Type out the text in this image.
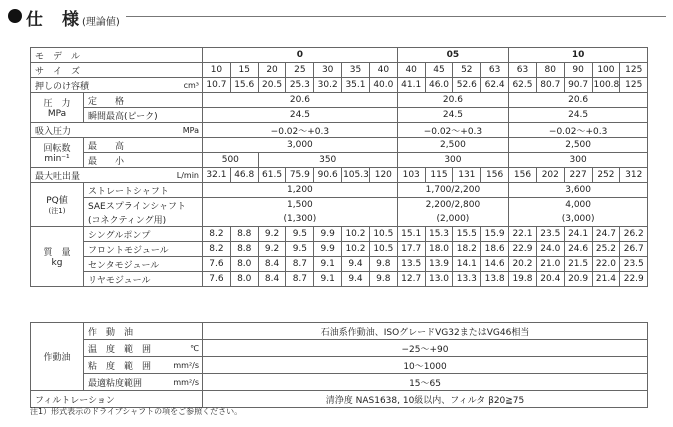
仕　様 (理論値)
モ　デ　ル			0							05				10				
サ　イ　ズ			10	15	20	25	30	35	40	40	45	52	63	63	80	90	100	125
押しのけ容積		cm³	10.7	15.6	20.5	25.3	30.2	35.1	40.0	41.1	46.0	52.6	62.4	62.5	80.7	90.7	100.8	125

圧　力
MPa	定　　格		20.6							20.6				20.6				
	瞬間最高(ピーク)		24.5							24.5				24.5				
吸入圧力		MPa	−0.02〜+0.3							−0.02〜+0.3				−0.02〜+0.3				

回転数
min⁻¹	最　　高		3,000							2,500				2,500				
	最　　小		500		350					300				300				
最大吐出量		L/min	32.1	46.8	61.5	75.9	90.6	105.3	120	103	115	131	156	156	202	227	252	312

PQ値
(注1)	ストレートシャフト		1,200							1,700/2,200				3,600				
	SAEスプラインシャフト		1,500							2,200/2,800				4,000				
	(コネクティング用)		(1,300)							(2,000)				(3,000)				

質　量
kg	シングルポンプ		8.2	8.8	9.2	9.5	9.9	10.2	10.5	15.1	15.3	15.5	15.9	22.1	23.5	24.1	24.7	26.2
	フロントモジュール		8.2	8.8	9.2	9.5	9.9	10.2	10.5	17.7	18.0	18.2	18.6	22.9	24.0	24.6	25.2	26.7
	センタモジュール		7.6	8.0	8.4	8.7	9.1	9.4	9.8	13.5	13.9	14.1	14.6	20.2	21.0	21.5	22.0	23.5
	リヤモジュール		7.6	8.0	8.4	8.7	9.1	9.4	9.8	12.7	13.0	13.3	13.8	19.8	20.4	20.9	21.4	22.9
作動油	作　動　油		石油系作動油、ISOグレードVG32またはVG46相当
	温　度　範　囲	℃	−25〜+90
	粘　度　範　囲	mm²/s	10〜1000
	最適粘度範囲	mm²/s	15〜65
フィルトレーション			清浄度 NAS1638, 10級以内、フィルタ β20≧75
注1）形式表示のドライブシャフトの項をご参照ください。
